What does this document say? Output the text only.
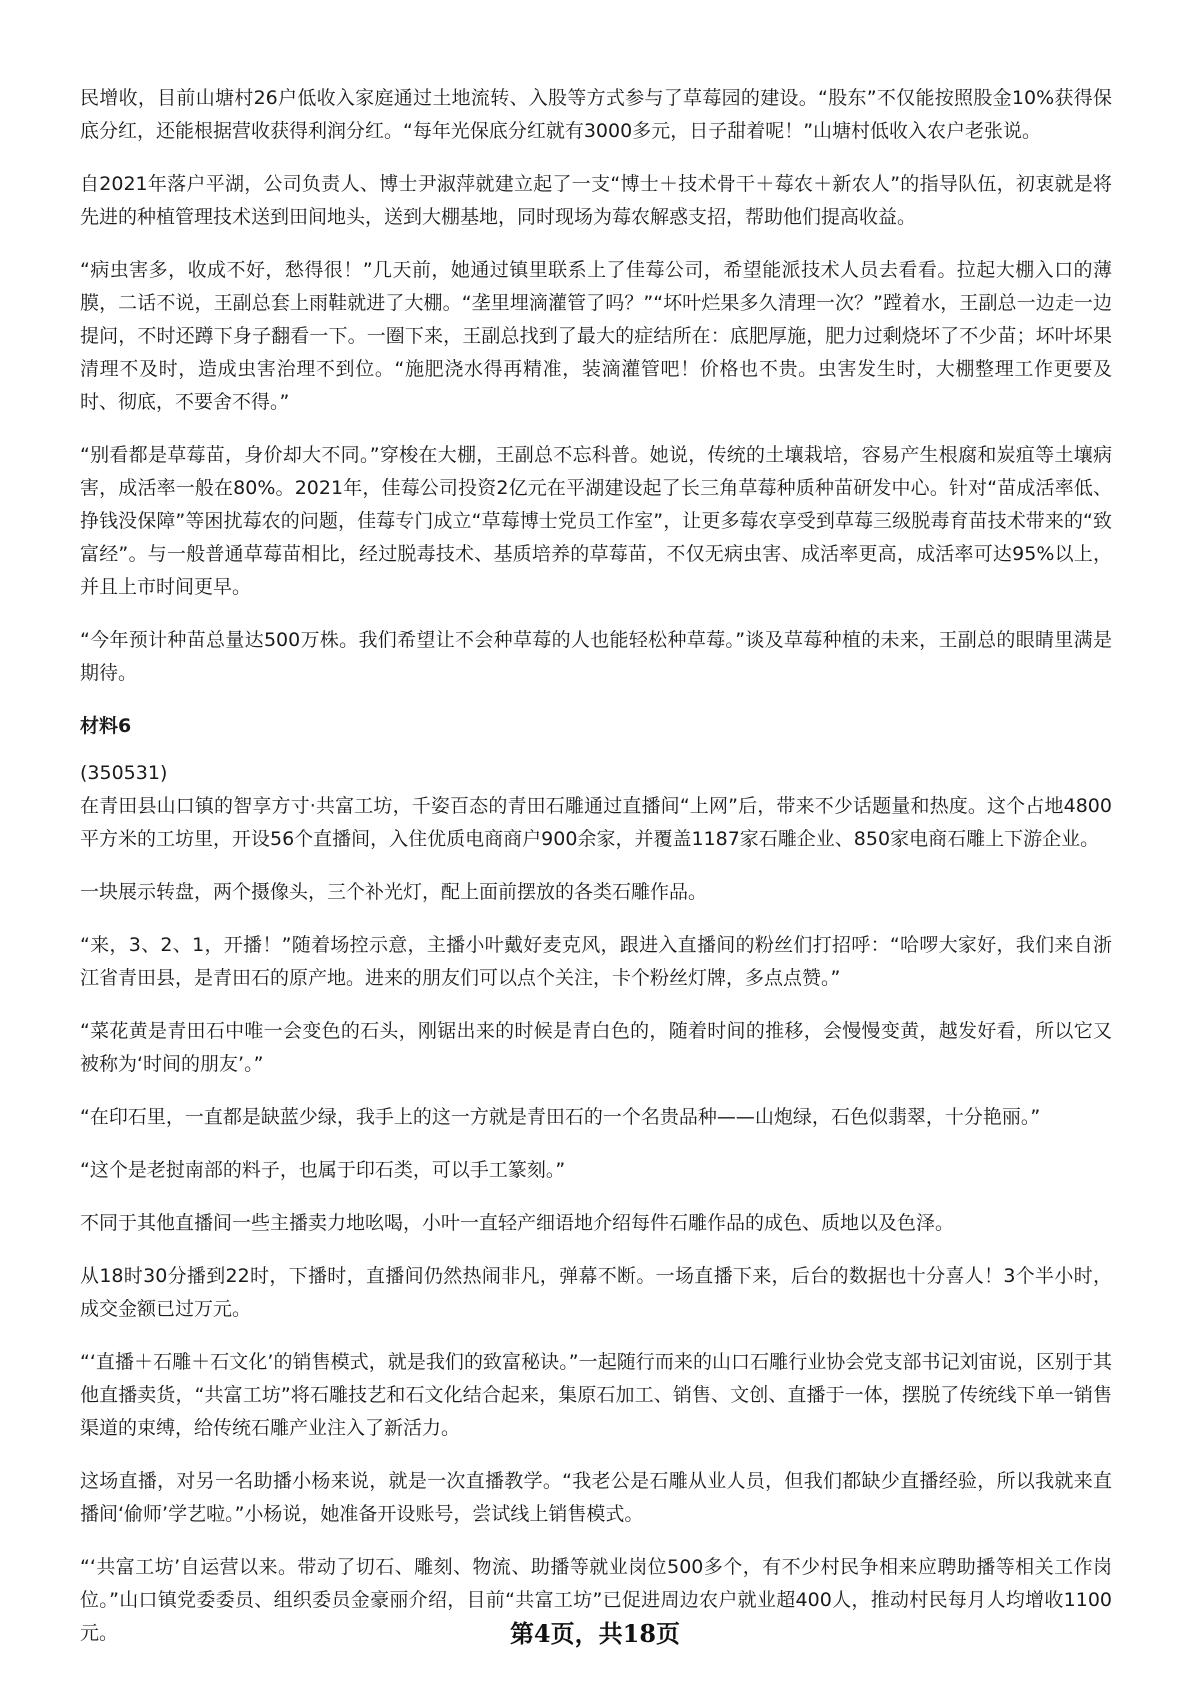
民增收，目前山塘村26户低收入家庭通过土地流转、入股等方式参与了草莓园的建设。“股东”不仅能按照股金10%获得保底分红，还能根据营收获得利润分红。“每年光保底分红就有3000多元，日子甜着呢！”山塘村低收入农户老张说。

自2021年落户平湖，公司负责人、博士尹淑萍就建立起了一支“博士＋技术骨干＋莓农＋新农人”的指导队伍，初衷就是将先进的种植管理技术送到田间地头，送到大棚基地，同时现场为莓农解惑支招，帮助他们提高收益。

“病虫害多，收成不好，愁得很！”几天前，她通过镇里联系上了佳莓公司，希望能派技术人员去看看。拉起大棚入口的薄膜，二话不说，王副总套上雨鞋就进了大棚。“垄里埋滴灌管了吗？”“坏叶烂果多久清理一次？”蹚着水，王副总一边走一边提问，不时还蹲下身子翻看一下。一圈下来，王副总找到了最大的症结所在：底肥厚施，肥力过剩烧坏了不少苗；坏叶坏果清理不及时，造成虫害治理不到位。“施肥浇水得再精准，装滴灌管吧！价格也不贵。虫害发生时，大棚整理工作更要及时、彻底，不要舍不得。”

“别看都是草莓苗，身价却大不同。”穿梭在大棚，王副总不忘科普。她说，传统的土壤栽培，容易产生根腐和炭疽等土壤病害，成活率一般在80%。2021年，佳莓公司投资2亿元在平湖建设起了长三角草莓种质种苗研发中心。针对“苗成活率低、挣钱没保障”等困扰莓农的问题，佳莓专门成立“草莓博士党员工作室”，让更多莓农享受到草莓三级脱毒育苗技术带来的“致富经”。与一般普通草莓苗相比，经过脱毒技术、基质培养的草莓苗，不仅无病虫害、成活率更高，成活率可达95%以上，并且上市时间更早。

“今年预计种苗总量达500万株。我们希望让不会种草莓的人也能轻松种草莓。”谈及草莓种植的未来，王副总的眼睛里满是期待。

材料6
(350531)

在青田县山口镇的智享方寸·共富工坊，千姿百态的青田石雕通过直播间“上网”后，带来不少话题量和热度。这个占地4800平方米的工坊里，开设56个直播间，入住优质电商商户900余家，并覆盖1187家石雕企业、850家电商石雕上下游企业。

一块展示转盘，两个摄像头，三个补光灯，配上面前摆放的各类石雕作品。

“来，3、2、1，开播！”随着场控示意，主播小叶戴好麦克风，跟进入直播间的粉丝们打招呼：“哈啰大家好，我们来自浙江省青田县，是青田石的原产地。进来的朋友们可以点个关注，卡个粉丝灯牌，多点点赞。”

“菜花黄是青田石中唯一会变色的石头，刚锯出来的时候是青白色的，随着时间的推移，会慢慢变黄，越发好看，所以它又被称为‘时间的朋友’。”

“在印石里，一直都是缺蓝少绿，我手上的这一方就是青田石的一个名贵品种——山炮绿，石色似翡翠，十分艳丽。”

“这个是老挝南部的料子，也属于印石类，可以手工篆刻。”

不同于其他直播间一些主播卖力地吆喝，小叶一直轻产细语地介绍每件石雕作品的成色、质地以及色泽。

从18时30分播到22时，下播时，直播间仍然热闹非凡，弹幕不断。一场直播下来，后台的数据也十分喜人！3个半小时，成交金额已过万元。

“‘直播＋石雕＋石文化’的销售模式，就是我们的致富秘诀。”一起随行而来的山口石雕行业协会党支部书记刘宙说，区别于其他直播卖货，“共富工坊”将石雕技艺和石文化结合起来，集原石加工、销售、文创、直播于一体，摆脱了传统线下单一销售渠道的束缚，给传统石雕产业注入了新活力。

这场直播，对另一名助播小杨来说，就是一次直播教学。“我老公是石雕从业人员，但我们都缺少直播经验，所以我就来直播间‘偷师’学艺啦。”小杨说，她准备开设账号，尝试线上销售模式。

“‘共富工坊’自运营以来。带动了切石、雕刻、物流、助播等就业岗位500多个，有不少村民争相来应聘助播等相关工作岗位。”山口镇党委委员、组织委员金豪丽介绍，目前“共富工坊”已促进周边农户就业超400人，推动村民每月人均增收1100元。	第4页，共18页
